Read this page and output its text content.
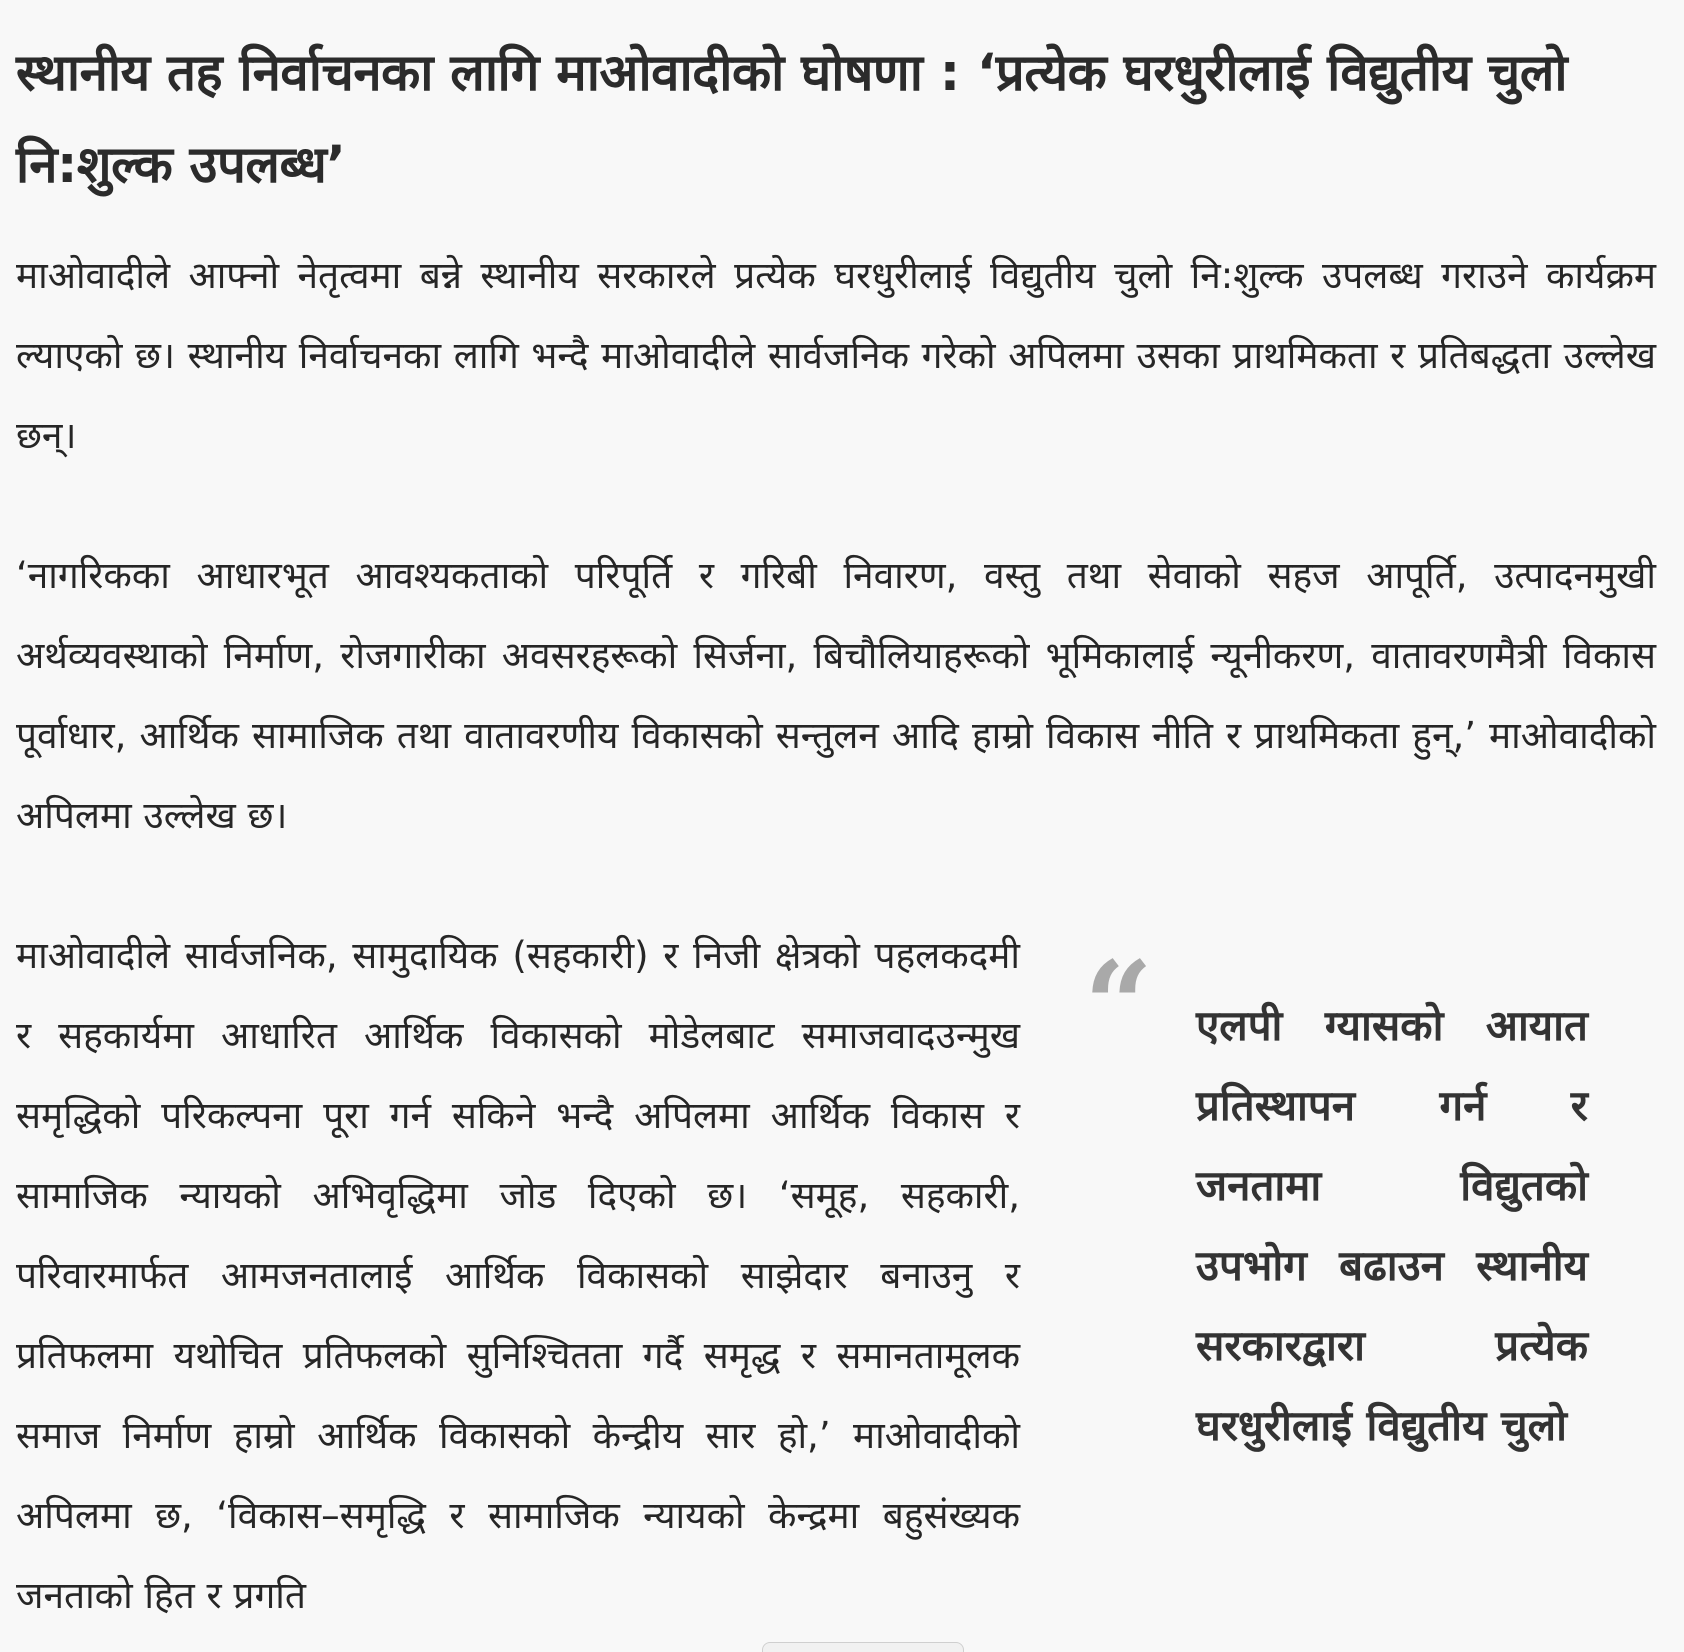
स्थानीय तह निर्वाचनका लागि माओवादीको घोषणा : ‘प्रत्येक घरधुरीलाई विद्युतीय चुलो नि:शुल्क उपलब्ध’

माओवादीले आफ्नो नेतृत्वमा बन्ने स्थानीय सरकारले प्रत्येक घरधुरीलाई विद्युतीय चुलो नि:शुल्क उपलब्ध गराउने कार्यक्रम ल्याएको छ। स्थानीय निर्वाचनका लागि भन्दै माओवादीले सार्वजनिक गरेको अपिलमा उसका प्राथमिकता र प्रतिबद्धता उल्लेख छन्।

‘नागरिकका आधारभूत आवश्यकताको परिपूर्ति र गरिबी निवारण, वस्तु तथा सेवाको सहज आपूर्ति, उत्पादनमुखी अर्थव्यवस्थाको निर्माण, रोजगारीका अवसरहरूको सिर्जना, बिचौलियाहरूको भूमिकालाई न्यूनीकरण, वातावरणमैत्री विकास पूर्वाधार, आर्थिक सामाजिक तथा वातावरणीय विकासको सन्तुलन आदि हाम्रो विकास नीति र प्राथमिकता हुन्,’ माओवादीको अपिलमा उल्लेख छ।

माओवादीले सार्वजनिक, सामुदायिक (सहकारी) र निजी क्षेत्रको पहलकदमी र सहकार्यमा आधारित आर्थिक विकासको मोडेलबाट समाजवादउन्मुख समृद्धिको परिकल्पना पूरा गर्न सकिने भन्दै अपिलमा आर्थिक विकास र सामाजिक न्यायको अभिवृद्धिमा जोड दिएको छ। ‘समूह, सहकारी, परिवारमार्फत आमजनतालाई आर्थिक विकासको साझेदार बनाउनु र प्रतिफलमा यथोचित प्रतिफलको सुनिश्चितता गर्दै समृद्ध र समानतामूलक समाज निर्माण हाम्रो आर्थिक विकासको केन्द्रीय सार हो,’ माओवादीको अपिलमा छ, ‘विकास–समृद्धि र सामाजिक न्यायको केन्द्रमा बहुसंख्यक जनताको हित र प्रगति

“ एलपी ग्यासको आयात प्रतिस्थापन गर्न र जनतामा विद्युतको उपभोग बढाउन स्थानीय सरकारद्वारा प्रत्येक घरधुरीलाई विद्युतीय चुलो
